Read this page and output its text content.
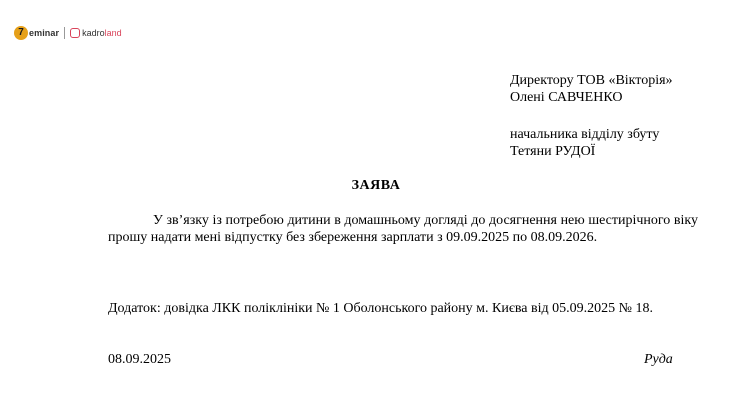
7 eminar	kadroland
Директору ТОВ «Вікторія»
Олені САВЧЕНКО
начальника відділу збуту
Тетяни РУДОЇ
ЗАЯВА
У зв’язку із потребою дитини в домашньому догляді до досягнення нею шестирічного віку прошу надати мені відпустку без збереження зарплати з 09.09.2025 по 08.09.2026.
Додаток: довідка ЛКК поліклініки № 1 Оболонського району м. Києва від 05.09.2025 № 18.
08.09.2025	Руда
